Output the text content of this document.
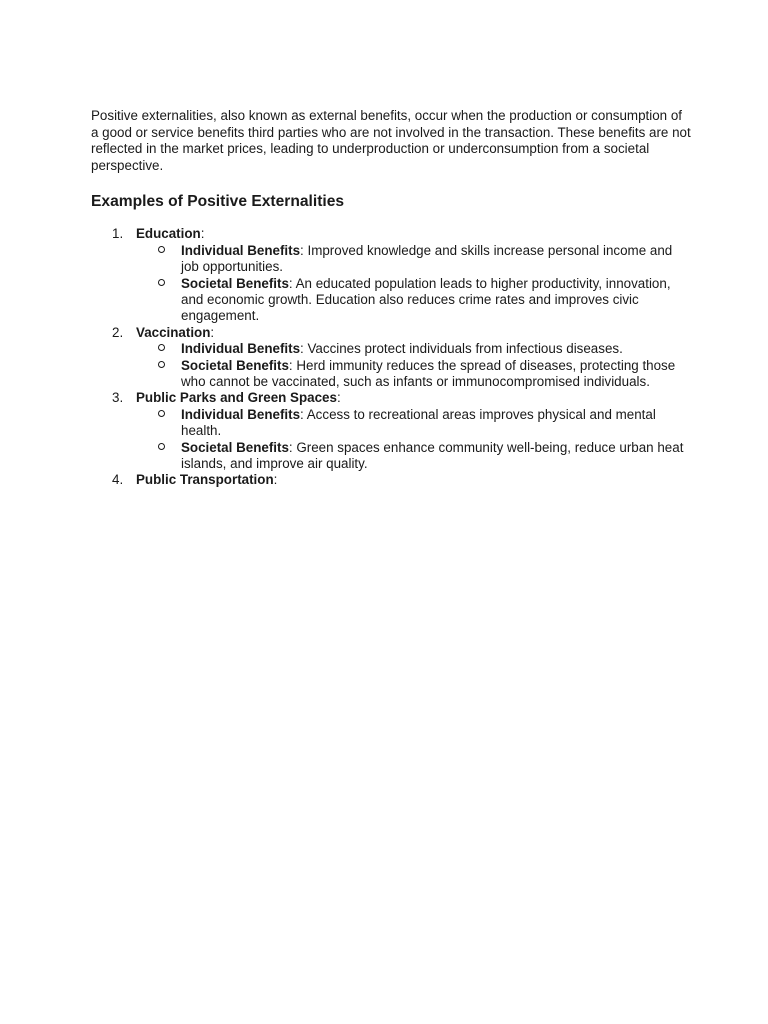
Positive externalities, also known as external benefits, occur when the production or consumption of a good or service benefits third parties who are not involved in the transaction. These benefits are not reflected in the market prices, leading to underproduction or underconsumption from a societal perspective.

Examples of Positive Externalities
1. Education:
Individual Benefits: Improved knowledge and skills increase personal income and job opportunities.
Societal Benefits: An educated population leads to higher productivity, innovation, and economic growth. Education also reduces crime rates and improves civic engagement.
2. Vaccination:
Individual Benefits: Vaccines protect individuals from infectious diseases.
Societal Benefits: Herd immunity reduces the spread of diseases, protecting those who cannot be vaccinated, such as infants or immunocompromised individuals.
3. Public Parks and Green Spaces:
Individual Benefits: Access to recreational areas improves physical and mental health.
Societal Benefits: Green spaces enhance community well-being, reduce urban heat islands, and improve air quality.
4. Public Transportation:
